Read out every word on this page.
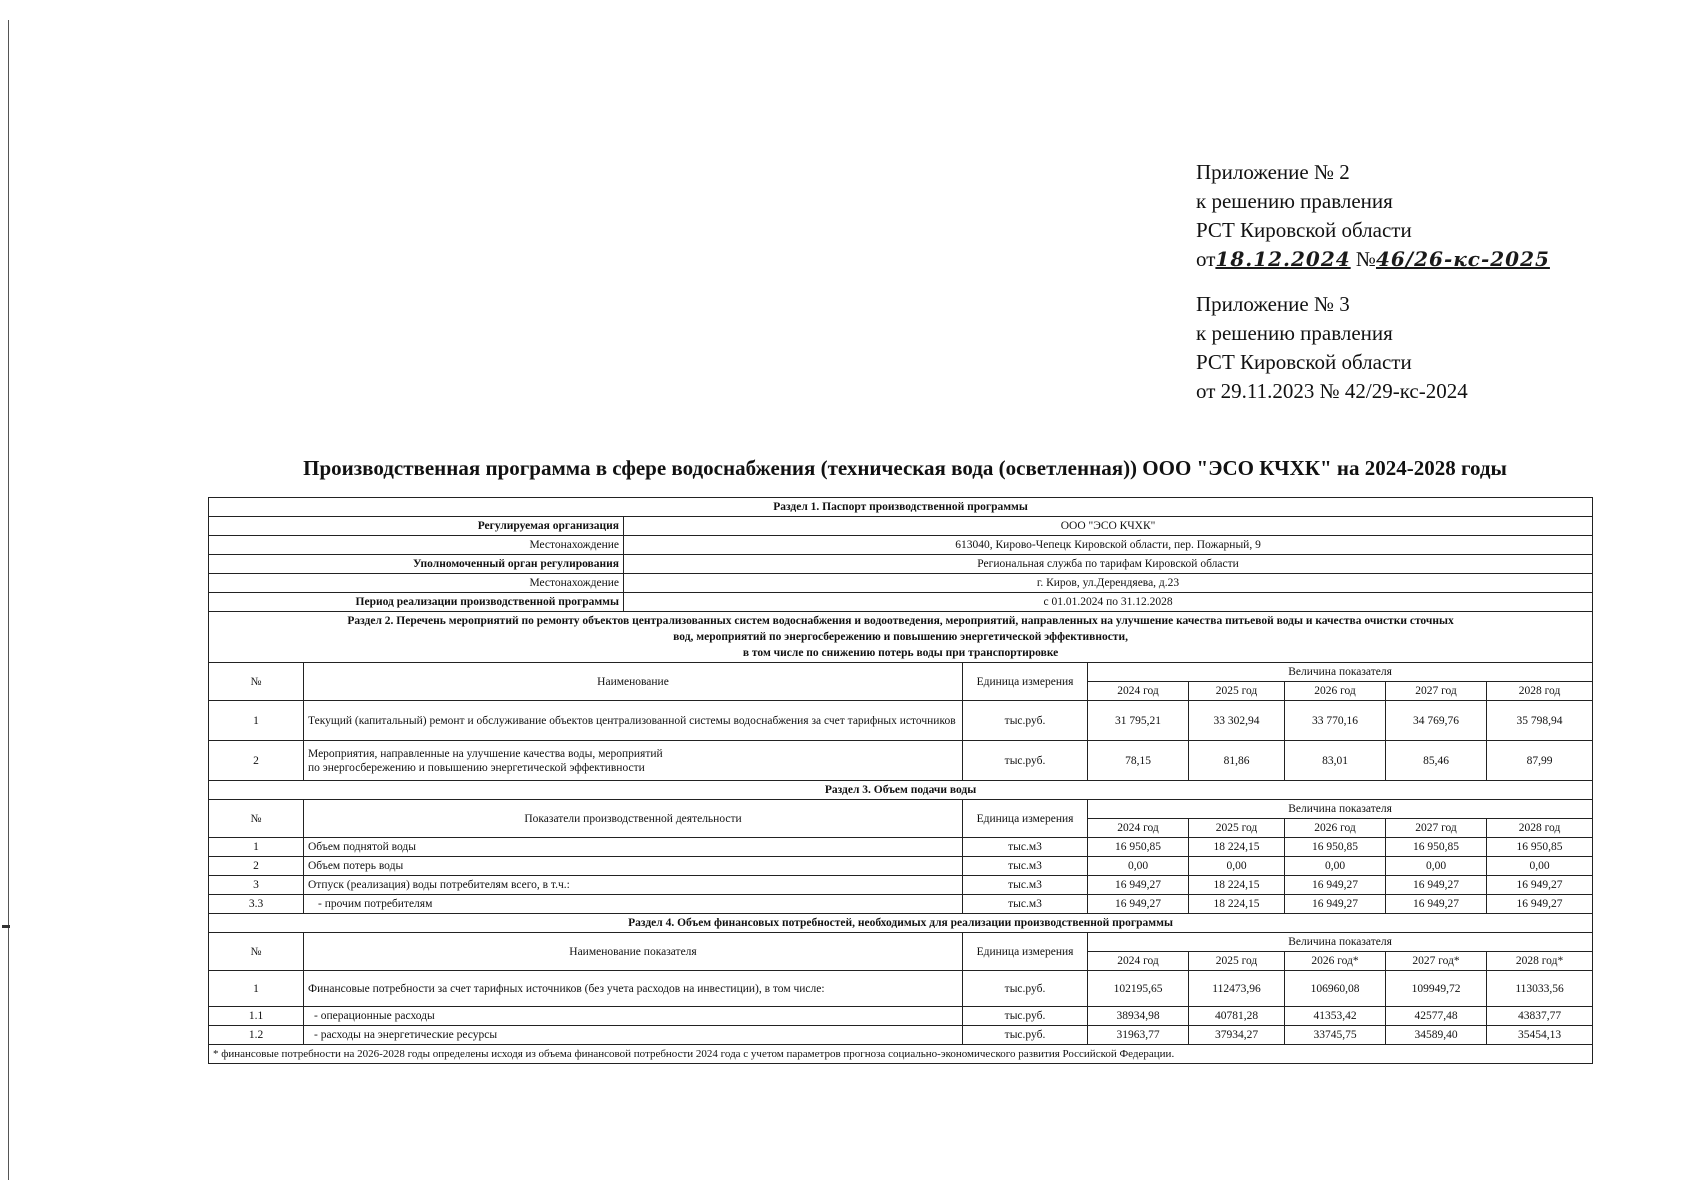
Приложение № 2
к решению правления
РСТ Кировской области
от18.12.2024 №46/26-кс-2025
Приложение № 3
к решению правления
РСТ Кировской области
от 29.11.2023 № 42/29-кс-2024
Производственная программа в сфере водоснабжения (техническая вода (осветленная)) ООО "ЭСО КЧХК" на 2024-2028 годы
Раздел 1. Паспорт производственной программы								
Регулируемая организация		ООО "ЭСО КЧХК"						
Местонахождение		613040, Кирово-Чепецк Кировской области, пер. Пожарный, 9						
Уполномоченный орган регулирования		Региональная служба по тарифам Кировской области						
Местонахождение		г. Киров, ул.Дерендяева, д.23						
Период реализации производственной программы		с 01.01.2024 по 31.12.2028						

Раздел 2. Перечень мероприятий по ремонту объектов централизованных систем водоснабжения и водоотведения, мероприятий, направленных на улучшение качества питьевой воды и качества очистки сточных
вод, мероприятий по энергосбережению и повышению энергетической эффективности,
в том числе по снижению потерь воды при транспортировке								

№	Наименование		Единица измерения	Величина показателя				
				2024 год	2025 год	2026 год	2027 год	2028 год
1	Текущий (капитальный) ремонт и обслуживание объектов централизованной системы водоснабжения за счет тарифных источников		тыс.руб.	31 795,21	33 302,94	33 770,16	34 769,76	35 798,94
2	Мероприятия, направленные на улучшение качества воды, мероприятий
по энергосбережению и повышению энергетической эффективности		тыс.руб.	78,15	81,86	83,01	85,46	87,99
Раздел 3. Объем подачи воды								
№	Показатели производственной деятельности		Единица измерения	Величина показателя				
				2024 год	2025 год	2026 год	2027 год	2028 год
1	Объем поднятой воды		тыс.м3	16 950,85	18 224,15	16 950,85	16 950,85	16 950,85
2	Объем потерь воды		тыс.м3	0,00	0,00	0,00	0,00	0,00
3	Отпуск (реализация) воды потребителям всего, в т.ч.:		тыс.м3	16 949,27	18 224,15	16 949,27	16 949,27	16 949,27
3.3	- прочим потребителям		тыс.м3	16 949,27	18 224,15	16 949,27	16 949,27	16 949,27
Раздел 4. Объем финансовых потребностей, необходимых для реализации производственной программы								
№	Наименование показателя		Единица измерения	Величина показателя				
				2024 год	2025 год	2026 год*	2027 год*	2028 год*
1	Финансовые потребности за счет тарифных источников (без учета расходов на инвестиции), в том числе:		тыс.руб.	102195,65	112473,96	106960,08	109949,72	113033,56
1.1	- операционные расходы		тыс.руб.	38934,98	40781,28	41353,42	42577,48	43837,77
1.2	- расходы на энергетические ресурсы		тыс.руб.	31963,77	37934,27	33745,75	34589,40	35454,13
* финансовые потребности на 2026-2028 годы определены исходя из объема финансовой потребности 2024 года с учетом параметров прогноза социально-экономического развития Российской Федерации.								
